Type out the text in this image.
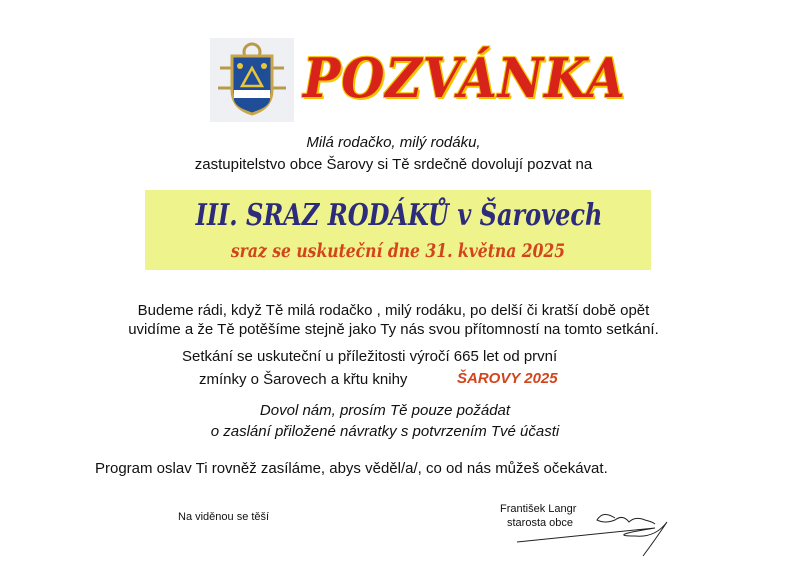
POZVÁNKA
Milá rodačko, milý rodáku,
zastupitelstvo obce Šarovy si Tě srdečně dovolují pozvat na
III. SRAZ RODÁKŮ v Šarovech
sraz se uskuteční dne 31. května 2025
Budeme rádi, když Tě milá rodačko , milý rodáku, po delší či kratší době opět
uvidíme a že Tě potěšíme stejně jako Ty nás svou přítomností na tomto setkání.
Setkání se uskuteční u příležitosti výročí 665 let od první
zmínky o Šarovech a křtu knihy	ŠAROVY 2025
Dovol nám, prosím Tě pouze požádat
o zaslání přiložené návratky s potvrzením Tvé účasti
Program oslav Ti rovněž zasíláme, abys věděl/a/, co od nás můžeš očekávat.
Na viděnou se těší
František Langr
starosta obce
